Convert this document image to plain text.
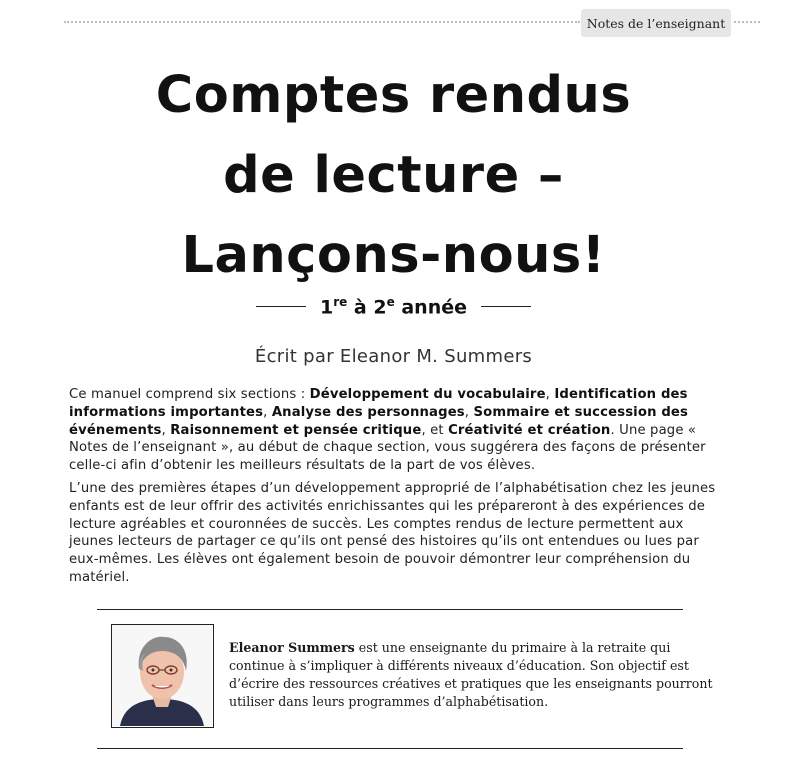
Notes de l’enseignant
Comptes rendus
de lecture –
Lançons-nous!
1re à 2e année
Écrit par Eleanor M. Summers

Ce manuel comprend six sections : Développement du vocabulaire, Identification des informations importantes, Analyse des personnages, Sommaire et succession des événements, Raisonnement et pensée critique, et Créativité et création. Une page « Notes de l’enseignant », au début de chaque section, vous suggérera des façons de présenter celle-ci afin d’obtenir les meilleurs résultats de la part de vos élèves.

L’une des premières étapes d’un développement approprié de l’alphabétisation chez les jeunes enfants est de leur offrir des activités enrichissantes qui les prépareront à des expériences de lecture agréables et couronnées de succès. Les comptes rendus de lecture permettent aux jeunes lecteurs de partager ce qu’ils ont pensé des histoires qu’ils ont entendues ou lues par eux-mêmes. Les élèves ont également besoin de pouvoir démontrer leur compréhension du matériel.

Eleanor Summers est une enseignante du primaire à la retraite qui continue à s’impliquer à différents niveaux d’éducation. Son objectif est d’écrire des ressources créatives et pratiques que les enseignants pourront utiliser dans leurs programmes d’alphabétisation.
